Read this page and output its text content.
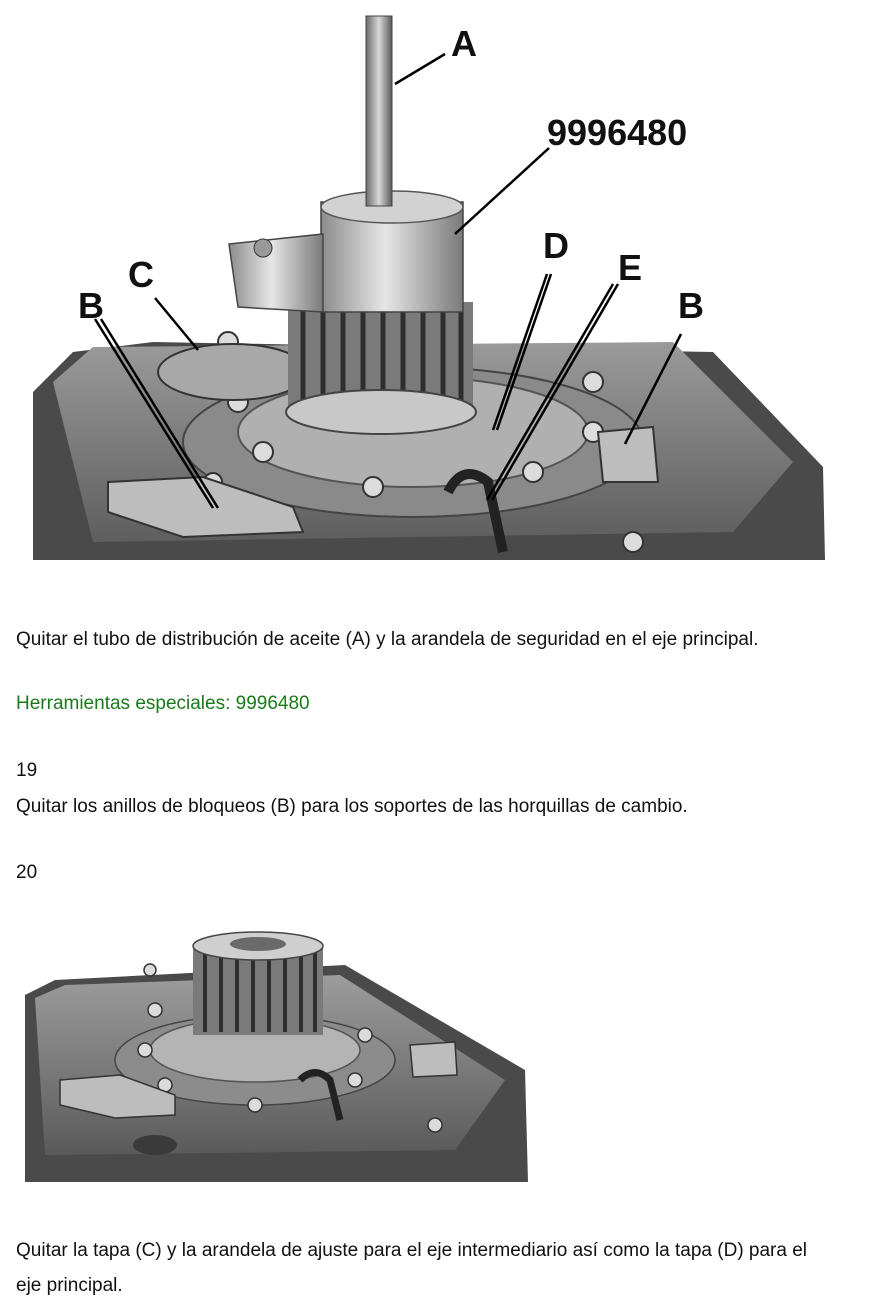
A
9996480
C
B
D
E
B
Quitar el tubo de distribución de aceite (A) y la arandela de seguridad en el eje principal.
Herramientas especiales: 9996480
19
Quitar los anillos de bloqueos (B) para los soportes de las horquillas de cambio.
20
Quitar la tapa (C) y la arandela de ajuste para el eje intermediario así como la tapa (D) para el
eje principal.
